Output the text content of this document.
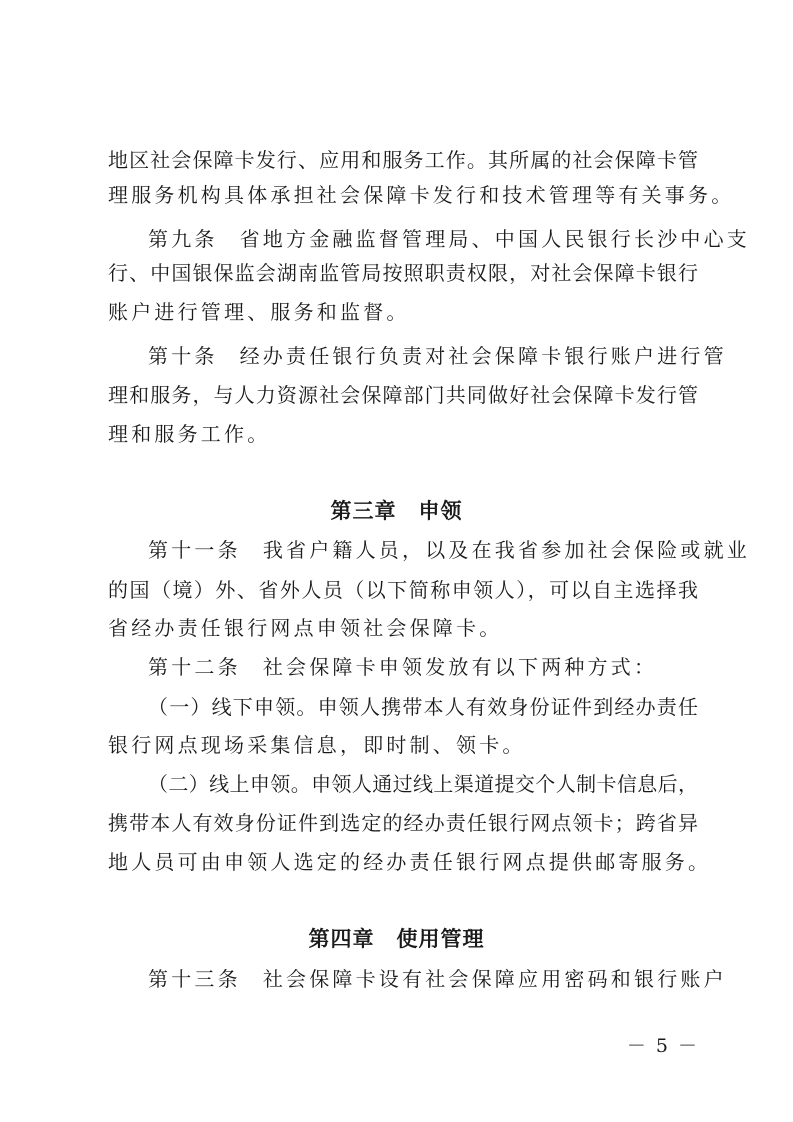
地区社会保障卡发行、应用和服务工作。其所属的社会保障卡管
理服务机构具体承担社会保障卡发行和技术管理等有关事务。
第九条 省地方金融监督管理局、中国人民银行长沙中心支
行、中国银保监会湖南监管局按照职责权限，对社会保障卡银行
账户进行管理、服务和监督。
第十条 经办责任银行负责对社会保障卡银行账户进行管
理和服务，与人力资源社会保障部门共同做好社会保障卡发行管
理和服务工作。
第三章　申领
第十一条 我省户籍人员，以及在我省参加社会保险或就业
的国（境）外、省外人员（以下简称申领人），可以自主选择我
省经办责任银行网点申领社会保障卡。
第十二条 社会保障卡申领发放有以下两种方式：
（一）线下申领。申领人携带本人有效身份证件到经办责任
银行网点现场采集信息，即时制、领卡。
（二）线上申领。申领人通过线上渠道提交个人制卡信息后，
携带本人有效身份证件到选定的经办责任银行网点领卡；跨省异
地人员可由申领人选定的经办责任银行网点提供邮寄服务。
第四章　使用管理
第十三条 社会保障卡设有社会保障应用密码和银行账户
－ 5 －
